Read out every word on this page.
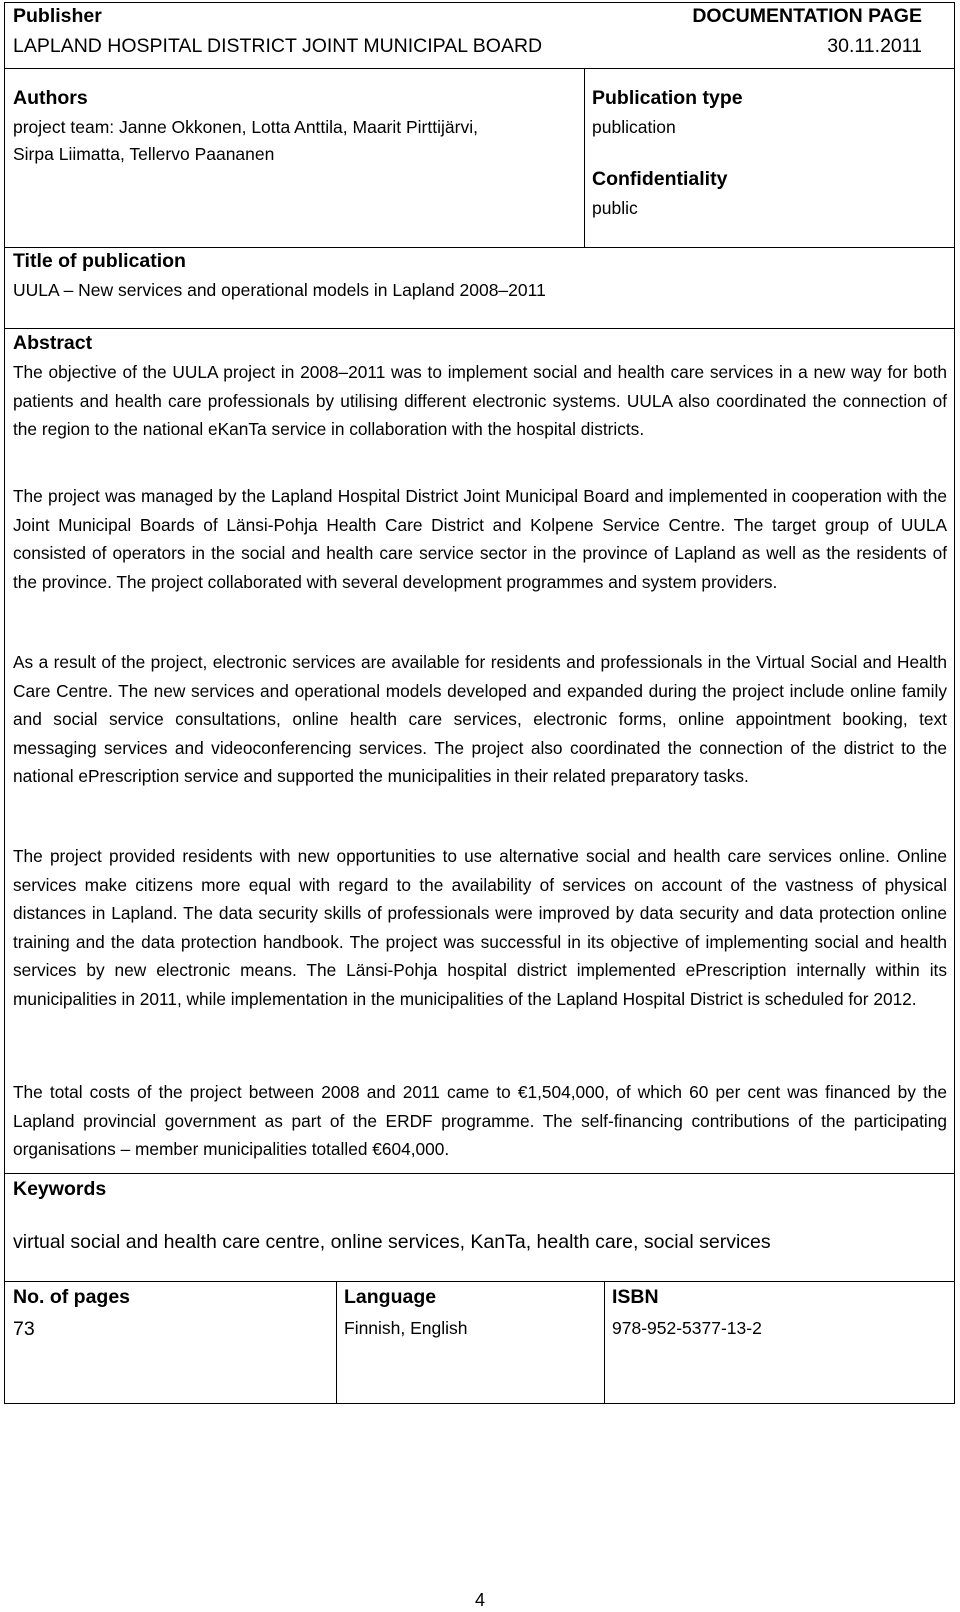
Publisher
LAPLAND HOSPITAL DISTRICT JOINT MUNICIPAL BOARD
DOCUMENTATION PAGE
30.11.2011
Authors
project team: Janne Okkonen, Lotta Anttila, Maarit Pirttijärvi,
Sirpa Liimatta, Tellervo Paananen
Publication type
publication
Confidentiality
public
Title of publication
UULA – New services and operational models in Lapland 2008–2011
Abstract

The objective of the UULA project in 2008–2011 was to implement social and health care services in a new way for both patients and health care professionals by utilising different electronic systems. UULA also coordinated the connection of the region to the national eKanTa service in collaboration with the hospital districts.

The project was managed by the Lapland Hospital District Joint Municipal Board and implemented in cooperation with the Joint Municipal Boards of Länsi-Pohja Health Care District and Kolpene Service Centre. The target group of UULA consisted of operators in the social and health care service sector in the province of Lapland as well as the residents of the province. The project collaborated with several development programmes and system providers.

As a result of the project, electronic services are available for residents and professionals in the Virtual Social and Health Care Centre. The new services and operational models developed and expanded during the project include online family and social service consultations, online health care services, electronic forms, online appointment booking, text messaging services and videoconferencing services. The project also coordinated the connection of the district to the national ePrescription service and supported the municipalities in their related preparatory tasks.

The project provided residents with new opportunities to use alternative social and health care services online. Online services make citizens more equal with regard to the availability of services on account of the vastness of physical distances in Lapland. The data security skills of professionals were improved by data security and data protection online training and the data protection handbook. The project was successful in its objective of implementing social and health services by new electronic means. The Länsi-Pohja hospital district implemented ePrescription internally within its municipalities in 2011, while implementation in the municipalities of the Lapland Hospital District is scheduled for 2012.

The total costs of the project between 2008 and 2011 came to €1,504,000, of which 60 per cent was financed by the Lapland provincial government as part of the ERDF programme. The self-financing contributions of the participating organisations – member municipalities totalled €604,000.

Keywords
virtual social and health care centre, online services, KanTa, health care, social services
No. of pages
73
Language
Finnish, English
ISBN
978-952-5377-13-2
4
